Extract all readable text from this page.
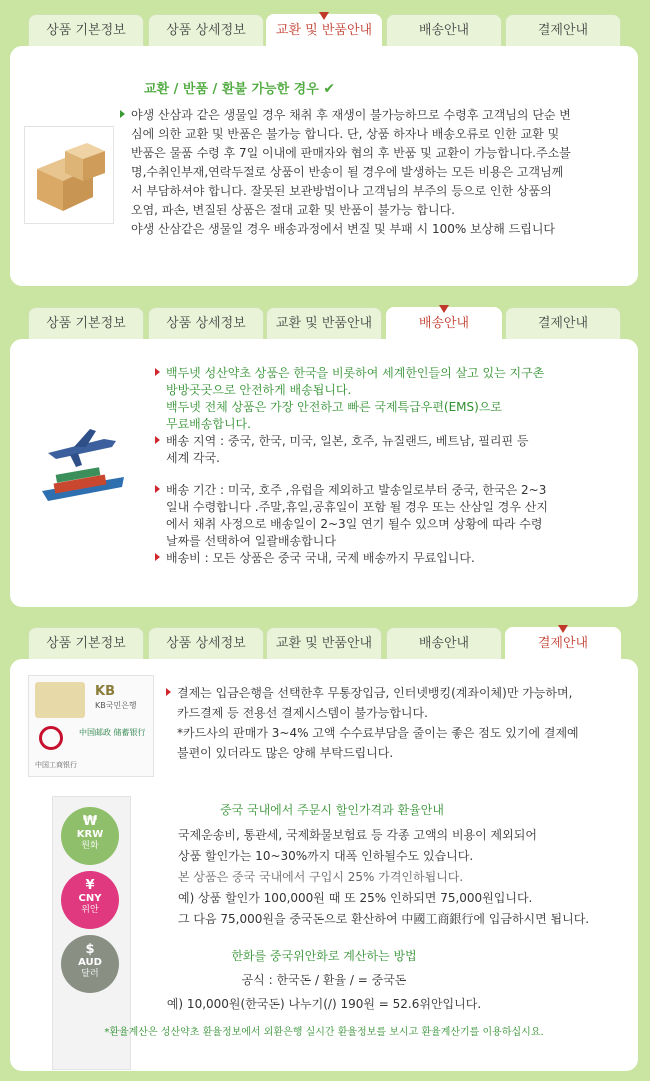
상품 기본정보	상품 상세정보	교환 및 반품안내	배송안내	결제안내
교환 / 반품 / 환불 가능한 경우 ✔
야생 산삼과 같은 생물일 경우 채취 후 재생이 불가능하므로 수령후 고객님의 단순 변
심에 의한 교환 및 반품은 불가능 합니다. 단, 상품 하자나 배송오류로 인한 교환 및
반품은 물품 수령 후 7일 이내에 판매자와 협의 후 반품 및 교환이 가능합니다.주소불
명,수취인부재,연락두절로 상품이 반송이 될 경우에 발생하는 모든 비용은 고객님께
서 부담하셔야 합니다. 잘못된 보관방법이나 고객님의 부주의 등으로 인한 상품의
오염, 파손, 변질된 상품은 절대 교환 및 반품이 불가능 합니다.
야생 산삼같은 생물일 경우 배송과정에서 변질 및 부패 시 100% 보상해 드립니다
상품 기본정보	상품 상세정보	교환 및 반품안내	배송안내	결제안내
백두넷 성산약초 상품은 한국을 비롯하여 세계한인들의 살고 있는 지구촌
방방곳곳으로 안전하게 배송됩니다.
백두넷 전체 상품은 가장 안전하고 빠른 국제특급우편(EMS)으로
무료배송합니다.
배송 지역 : 중국, 한국, 미국, 일본, 호주, 뉴질랜드, 베트남, 필리핀 등
세계 각국.
배송 기간 : 미국, 호주 ,유럽을 제외하고 발송일로부터 중국, 한국은 2~3
일내 수령합니다 .주말,휴일,공휴일이 포함 될 경우 또는 산삼일 경우 산지
에서 채취 사정으로 배송일이 2~3일 연기 될수 있으며 상황에 따라 수령
날짜를 선택하여 일괄배송합니다
배송비 : 모든 상품은 중국 국내, 국제 배송까지 무료입니다.
상품 기본정보	상품 상세정보	교환 및 반품안내	배송안내	결제안내
KB
KB국민은행
中国邮政 储蓄银行
中国工商银行
결제는 입금은행을 선택한후 무통장입금, 인터넷뱅킹(계좌이체)만 가능하며,
카드결제 등 전용선 결제시스템이 불가능합니다.
*카드사의 판매가 3~4% 고액 수수료부담을 줄이는 좋은 점도 있기에 결제예
불편이 있더라도 많은 양해 부탁드립니다.
₩
KRW
원화
¥
CNY
위안
$
AUD
달러
중국 국내에서 주문시 할인가격과 환율안내
국제운송비, 통관세, 국제화물보험료 등 각종 고액의 비용이 제외되어
상품 할인가는 10~30%까지 대폭 인하될수도 있습니다.
본 상품은 중국 국내에서 구입시 25% 가격인하됩니다.
예) 상품 할인가 100,000원 때 또 25% 인하되면 75,000원입니다.
그 다음 75,000원을 중국돈으로 환산하여 中國工商銀行에 입금하시면 됩니다.
한화를 중국위안화로 계산하는 방법
공식 : 한국돈 / 환율 / = 중국돈
예) 10,000원(한국돈) 나누기(/) 190원 = 52.6위안입니다.
*환율계산은 성산약초 환율정보에서 외환은행 실시간 환율정보를 보시고 환율계산기를 이용하십시요.
